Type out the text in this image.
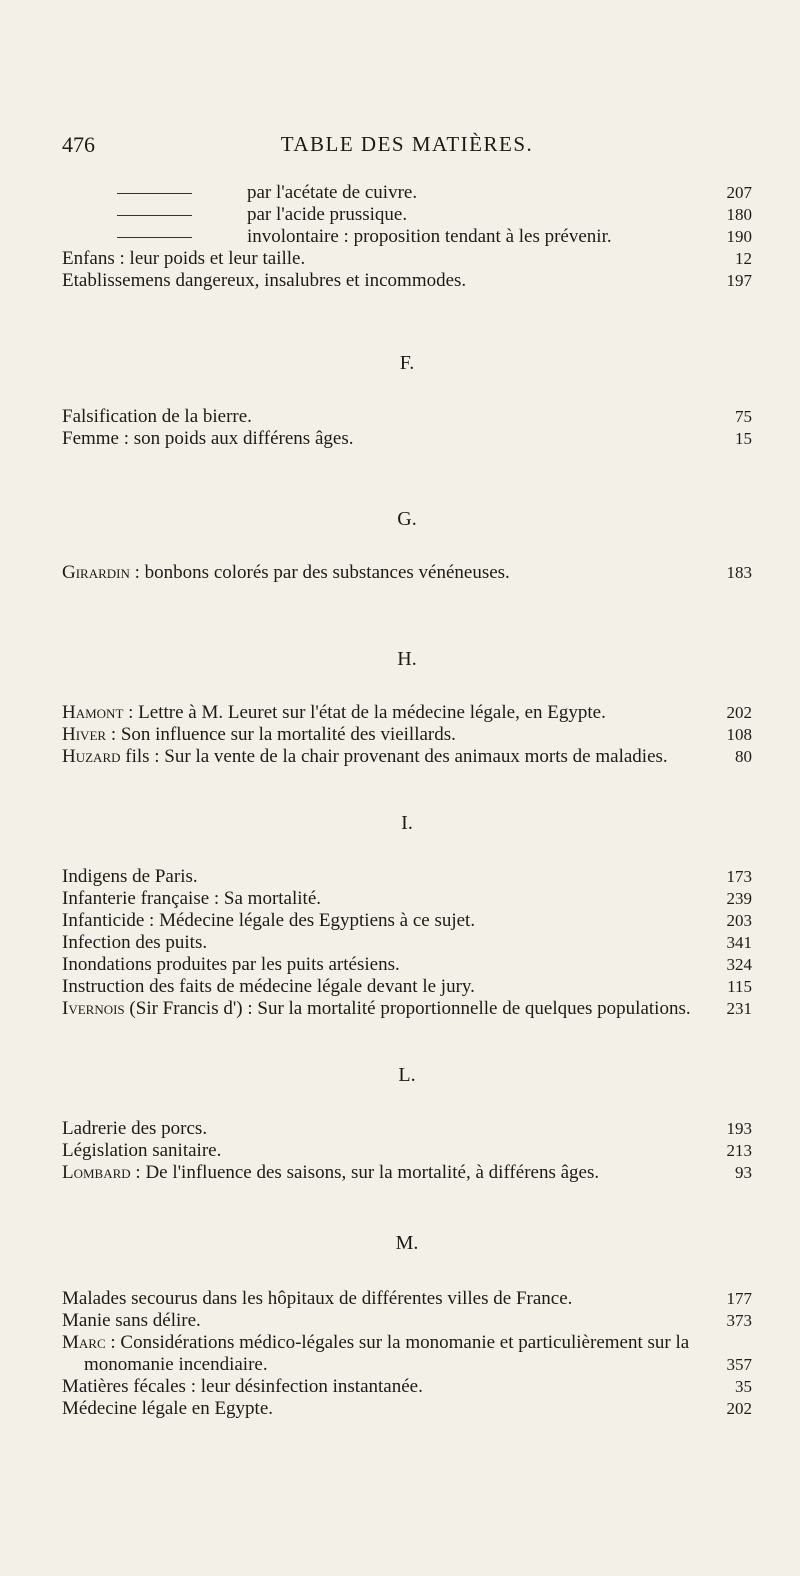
476	TABLE DES MATIÈRES.
par l'acétate de cuivre.	207
par l'acide prussique.	180
involontaire : proposition tendant à les prévenir.	190
Enfans : leur poids et leur taille.	12
Etablissemens dangereux, insalubres et incommodes.	197
F.
Falsification de la bierre.	75
Femme : son poids aux différens âges.	15
G.
Girardin : bonbons colorés par des substances vénéneuses.	183
H.
Hamont : Lettre à M. Leuret sur l'état de la médecine légale, en Egypte.	202
Hiver : Son influence sur la mortalité des vieillards.	108
Huzard fils : Sur la vente de la chair provenant des animaux morts de maladies.	80
I.
Indigens de Paris.	173
Infanterie française : Sa mortalité.	239
Infanticide : Médecine légale des Egyptiens à ce sujet.	203
Infection des puits.	341
Inondations produites par les puits artésiens.	324
Instruction des faits de médecine légale devant le jury.	115
Ivernois (Sir Francis d') : Sur la mortalité proportionnelle de quelques populations.	231
L.
Ladrerie des porcs.	193
Législation sanitaire.	213
Lombard : De l'influence des saisons, sur la mortalité, à différens âges.	93
M.
Malades secourus dans les hôpitaux de différentes villes de France.	177
Manie sans délire.	373
Marc : Considérations médico-légales sur la monomanie et particulièrement sur la monomanie incendiaire.	357
Matières fécales : leur désinfection instantanée.	35
Médecine légale en Egypte.	202
